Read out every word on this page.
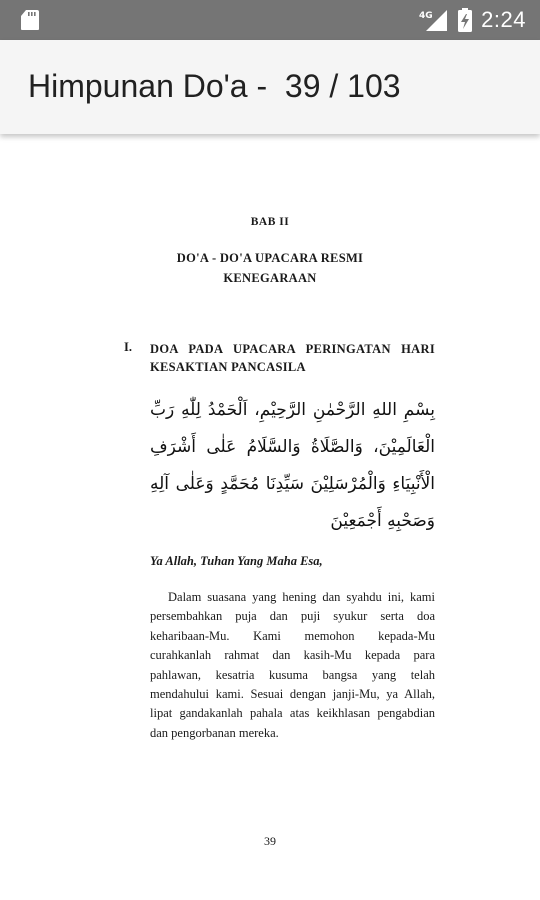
4G 2:24
Himpunan Do'a -  39 / 103
BAB II
DO'A - DO'A UPACARA RESMI
KENEGARAAN
I. DOA PADA UPACARA PERINGATAN HARI KESAKTIAN PANCASILA
بِسْمِ اللهِ الرَّحْمٰنِ الرَّحِيْمِ، اَلْحَمْدُ لِلّٰهِ رَبِّ الْعَالَمِيْنَ، وَالصَّلَاةُ وَالسَّلَامُ عَلٰى أَشْرَفِ الْأَنْبِيَاءِ وَالْمُرْسَلِيْنَ سَيِّدِنَا مُحَمَّدٍ وَعَلٰى آلِهِ وَصَحْبِهِ أَجْمَعِيْنَ
Ya Allah, Tuhan Yang Maha Esa,
Dalam suasana yang hening dan syahdu ini, kami persembahkan puja dan puji syukur serta doa keharibaan-Mu. Kami memohon kepada-Mu curahkanlah rahmat dan kasih-Mu kepada para pahlawan, kesatria kusuma bangsa yang telah mendahului kami. Sesuai dengan janji-Mu, ya Allah, lipat gandakanlah pahala atas keikhlasan pengabdian dan pengorbanan mereka.
39
